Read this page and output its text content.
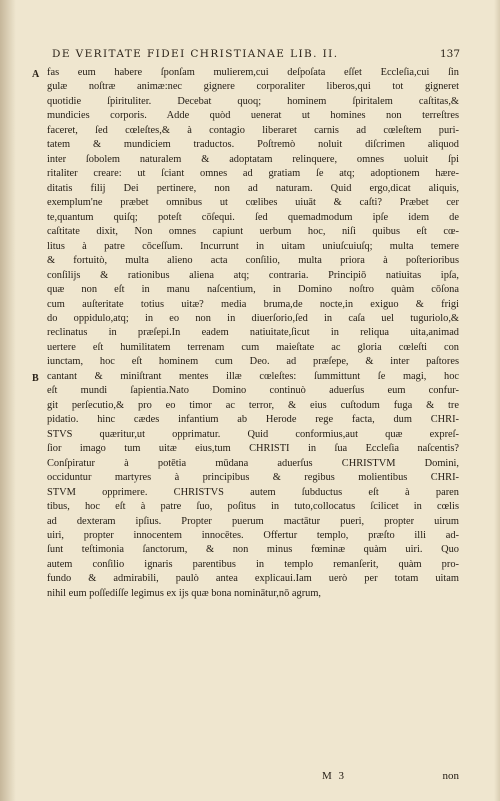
DE VERITATE FIDEI CHRISTIANAE LIB. II.	137
A
B
fas eum habere ſponſam mulierem,cui deſpoſata eſſet Eccleſia,cui ſin
gulæ noſtræ animæ:nec gignere corporaliter liberos,qui tot gigneret
quotidie ſpirituliter. Decebat quoq; hominem ſpiritalem caſtitas,&
mundicies corporis. Adde quòd uenerat ut homines non terreſtres
faceret, ſed cœleſtes,& à contagio liberaret carnis ad cœleſtem puri-
tatem & mundiciem traductos. Poſtremò noluit diſcrimen aliquod
inter ſobolem naturalem & adoptatam relinquere, omnes uoluit ſpi
ritaliter creare: ut ſciant omnes ad gratiam ſe atq; adoptionem hære-
ditatis filij Dei pertinere, non ad naturam. Quid ergo,dicat aliquis,
exemplum'ne præbet omnibus ut cœlibes uiuāt & caſti? Præbet cer
te,quantum quiſq; poteſt cōſequi. ſed quemadmodum ipſe idem de
caſtitate dixit, Non omnes capiunt uerbum hoc, niſi quibus eſt cœ-
litus à patre cōceſſum. Incurrunt in uitam uniuſcuiuſq; multa temere
& fortuitò, multa alieno acta conſilio, multa priora à poſterioribus
conſilijs & rationibus aliena atq; contraria. Principiō natiuitas ipſa,
quæ non eſt in manu naſcentium, in Domino noſtro quàm cōſona
cum auſteritate totius uitæ? media bruma,de nocte,in exiguo & frigi
do oppidulo,atq; in eo non in diuerſorio,ſed in caſa uel tuguriolo,&
reclinatus in præſepi.In eadem natiuitate,ſicut in reliqua uita,animad
uertere eſt humilitatem terrenam cum maieſtate ac gloria cœleſti con
iunctam, hoc eſt hominem cum Deo. ad præſepe, & inter paſtores
cantant & miniſtrant mentes illæ cœleſtes: ſummittunt ſe magi, hoc
eſt mundi ſapientia.Nato Domino continuò aduerſus eum confur-
git perſecutio,& pro eo timor ac terror, & eius cuſtodum fuga & tre
pidatio. hinc cædes infantium ab Herode rege facta, dum CHRI-
STVS quæritur,ut opprimatur. Quid conformius,aut quæ expreſ-
ſior imago tum uitæ eius,tum CHRISTI in ſua Eccleſia naſcentis?
Conſpiratur à potētia mūdana aduerſus CHRISTVM Domini,
occiduntur martyres à principibus & regibus molientibus CHRI-
STVM opprimere. CHRISTVS autem ſubductus eſt à paren
tibus, hoc eſt à patre ſuo, poſitus in tuto,collocatus ſcilicet in cœlis
ad dexteram ipſius. Propter puerum mactātur pueri, propter uirum
uiri, propter innocentem innocētes. Offertur templo, præſto illi ad-
ſunt teſtimonia ſanctorum, & non minus fœminæ quàm uiri. Quo
autem conſilio ignaris parentibus in templo remanſerit, quàm pro-
fundo & admirabili, paulò antea explicaui.Iam uerò per totam uitam
nihil eum poſſediſſe legimus ex ijs quæ bona nominātur,nō agrum,
M 3	non
